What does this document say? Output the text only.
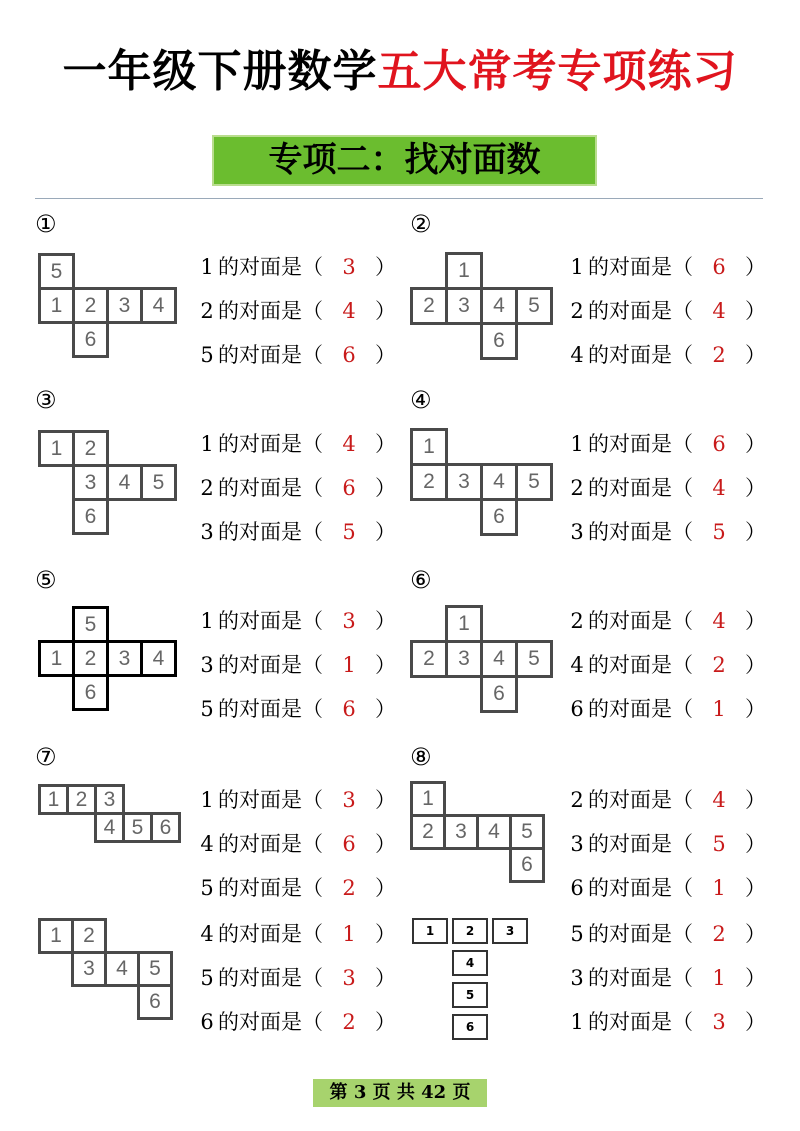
一年级下册数学五大常考专项练习
专项二：找对面数
①	②
③	④
⑤	⑥
⑦	⑧
5
1	2	3	4
6
1
2	3	4	5
6
1	2
3	4	5
6
1
2	3	4	5
6
5
1	2	3	4
6
1
2	3	4	5
6
1 2 3
4 5 6
1
2	3	4	5
6
1	2
3	4	5
6
1	2	3
4
5
6
1 的对面是（ 3 ）
2 的对面是（ 4 ）
5 的对面是（ 6 ）
1 的对面是（ 6 ）
2 的对面是（ 4 ）
4 的对面是（ 2 ）
1 的对面是（ 4 ）
2 的对面是（ 6 ）
3 的对面是（ 5 ）
1 的对面是（ 6 ）
2 的对面是（ 4 ）
3 的对面是（ 5 ）
1 的对面是（ 3 ）
3 的对面是（ 1 ）
5 的对面是（ 6 ）
2 的对面是（ 4 ）
4 的对面是（ 2 ）
6 的对面是（ 1 ）
1 的对面是（ 3 ）
4 的对面是（ 6 ）
5 的对面是（ 2 ）
2 的对面是（ 4 ）
3 的对面是（ 5 ）
6 的对面是（ 1 ）
4 的对面是（ 1 ）
5 的对面是（ 3 ）
6 的对面是（ 2 ）
5 的对面是（ 2 ）
3 的对面是（ 1 ）
1 的对面是（ 3 ）
第 3 页 共 42 页
